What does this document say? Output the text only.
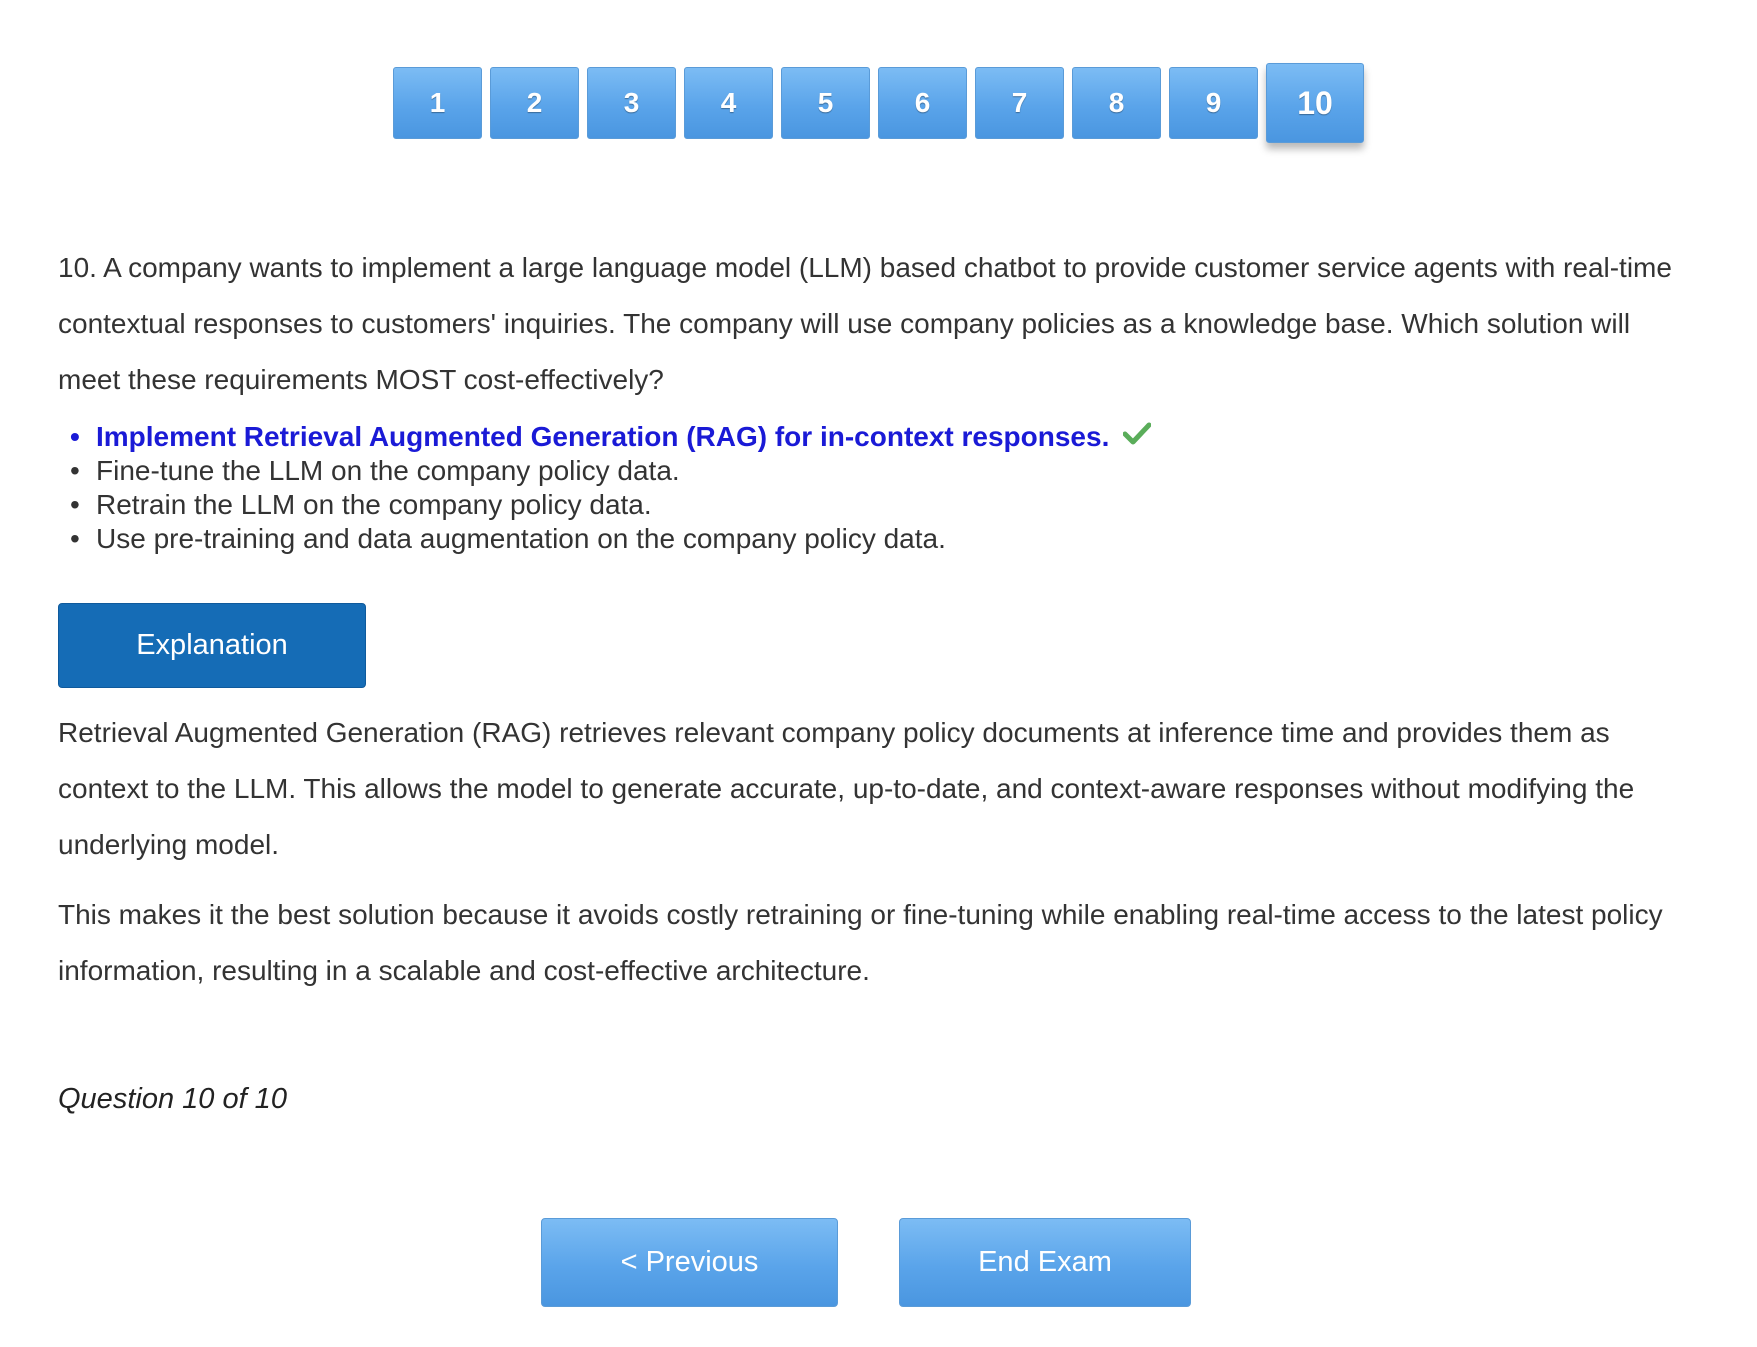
1	2	3	4	5	6	7	8	9	10

10. A company wants to implement a large language model (LLM) based chatbot to provide customer service agents with real-time contextual responses to customers' inquiries. The company will use company policies as a knowledge base. Which solution will meet these requirements MOST cost-effectively?

• Implement Retrieval Augmented Generation (RAG) for in-context responses.
• Fine-tune the LLM on the company policy data.
• Retrain the LLM on the company policy data.
• Use pre-training and data augmentation on the company policy data.
Explanation

Retrieval Augmented Generation (RAG) retrieves relevant company policy documents at inference time and provides them as context to the LLM. This allows the model to generate accurate, up-to-date, and context-aware responses without modifying the underlying model.

This makes it the best solution because it avoids costly retraining or fine-tuning while enabling real-time access to the latest policy information, resulting in a scalable and cost-effective architecture.

Question 10 of 10
< Previous	End Exam
